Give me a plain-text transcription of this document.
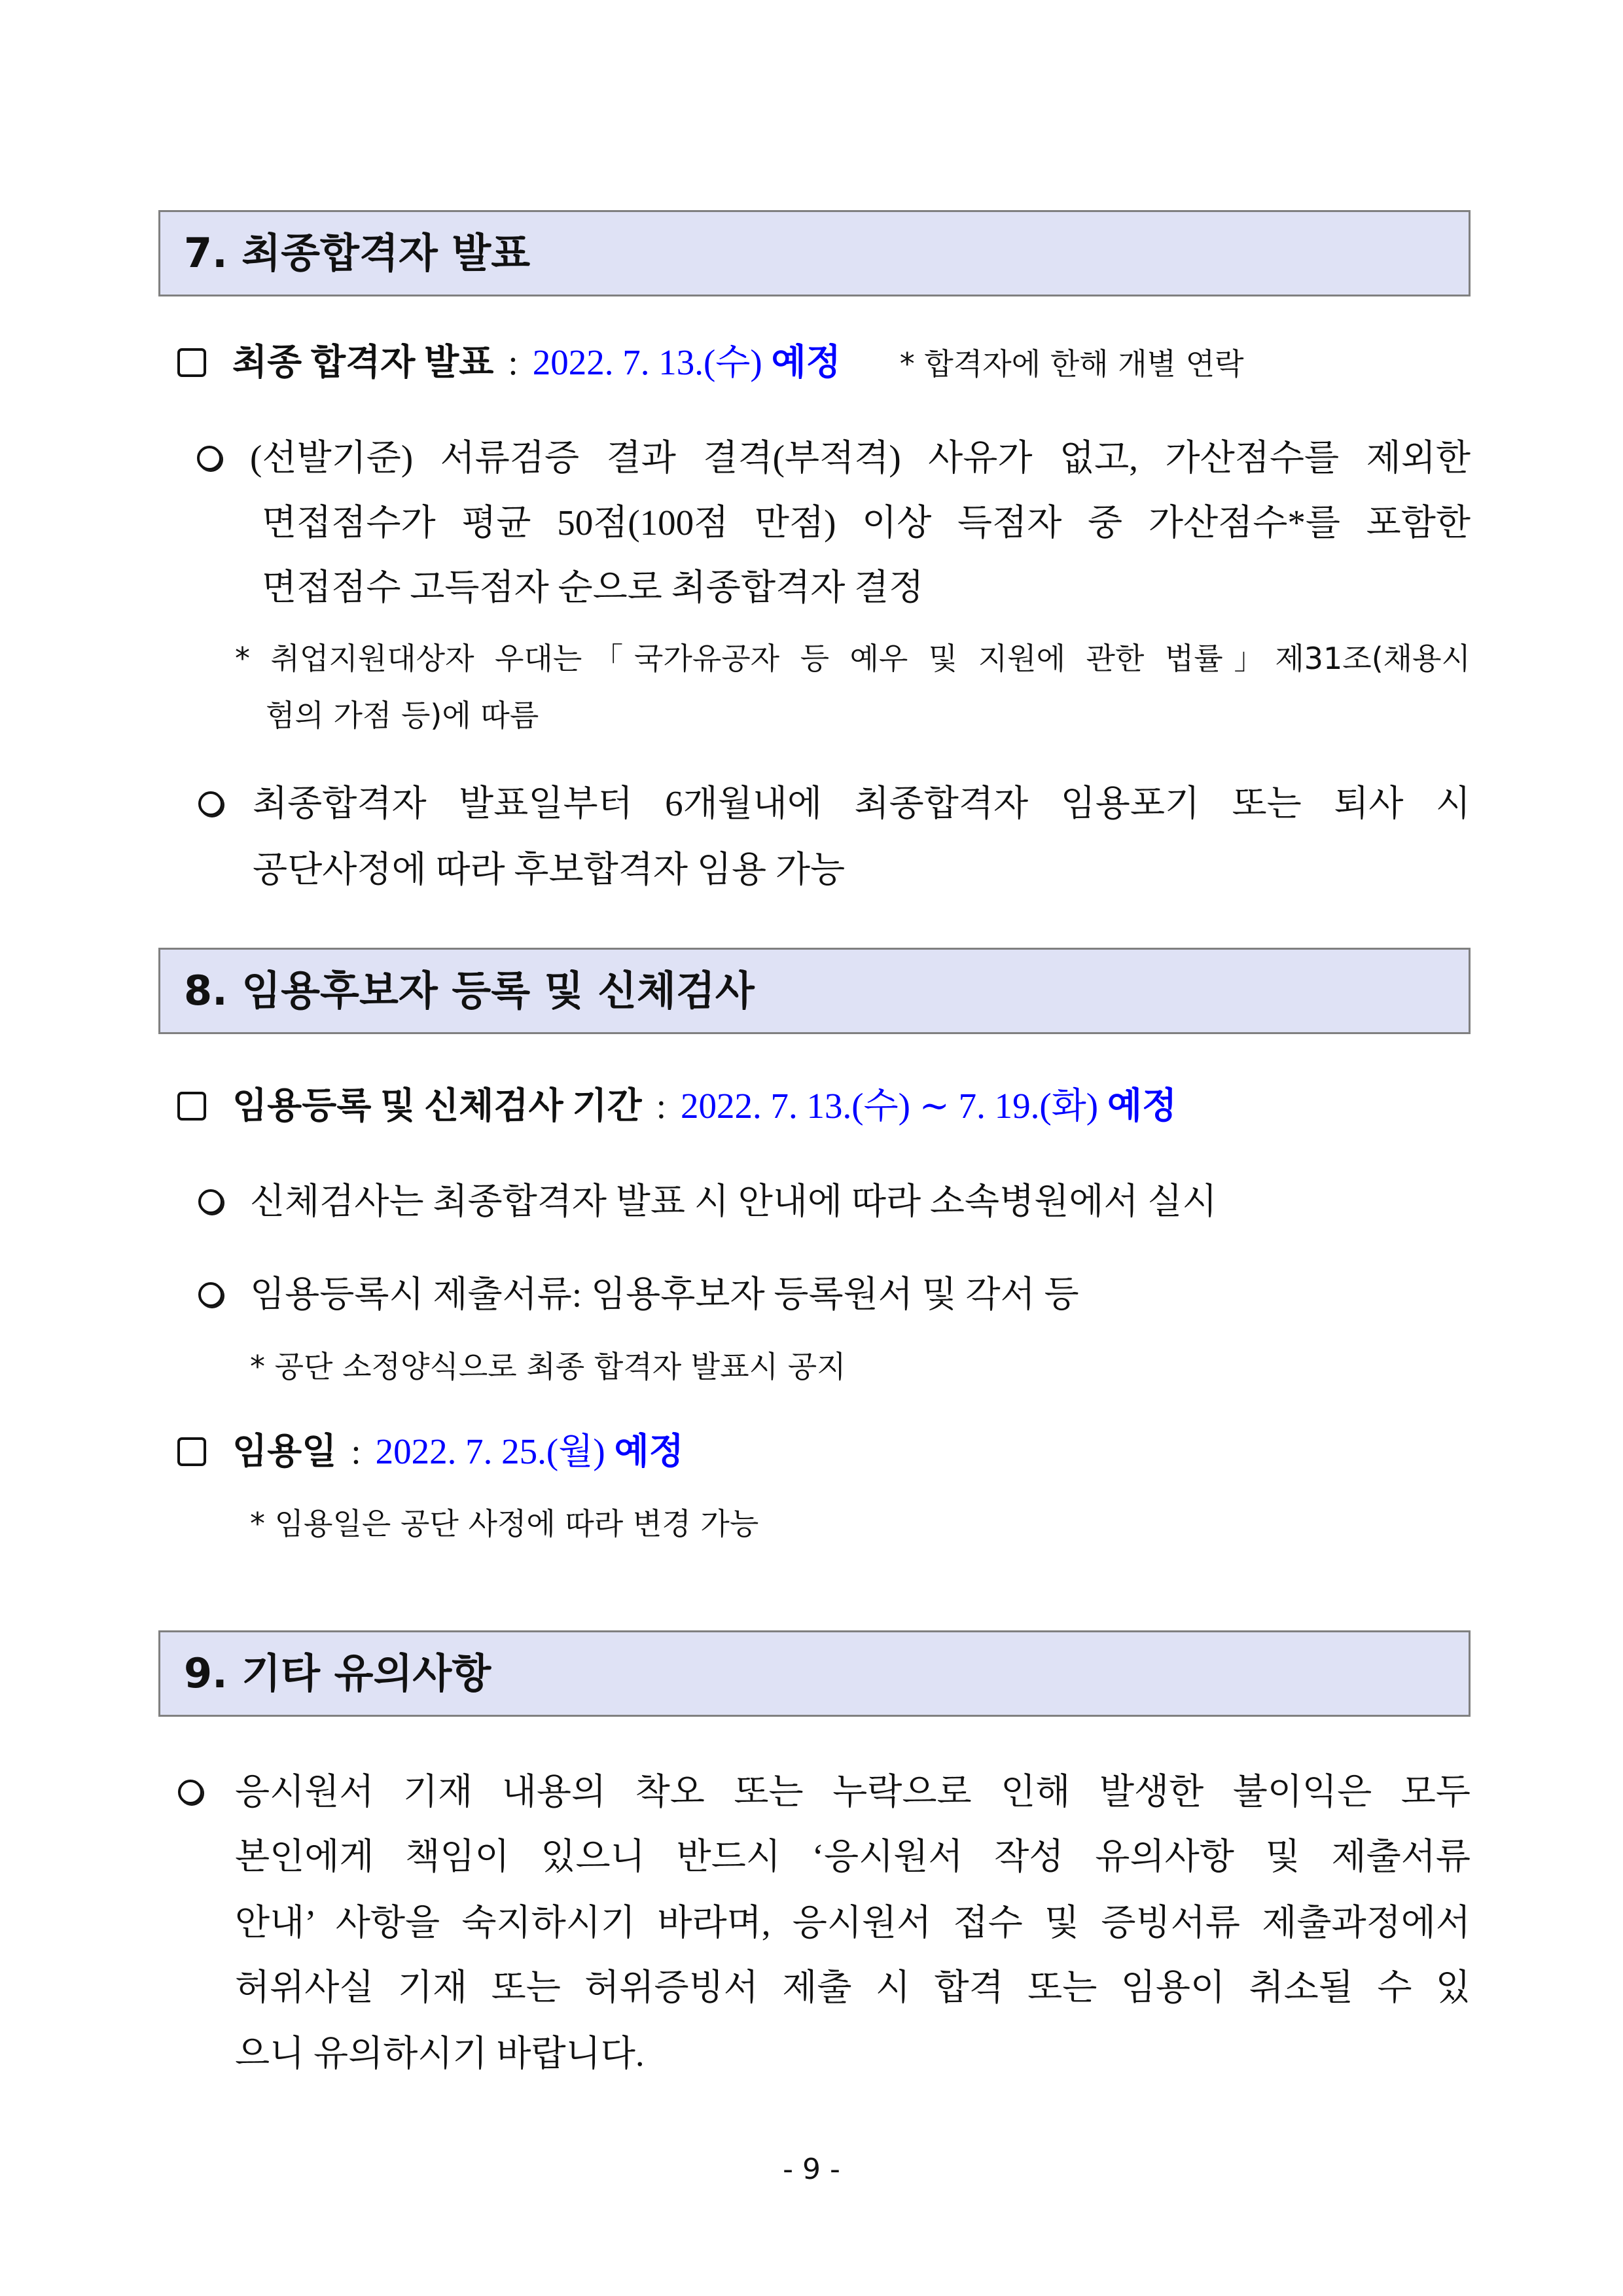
7. 최종합격자 발표
최종 합격자 발표 : 2022. 7. 13.(수) 예정 * 합격자에 한해 개별 연락
(선발기준) 서류검증 결과 결격(부적격) 사유가 없고, 가산점수를 제외한
면접점수가 평균 50점(100점 만점) 이상 득점자 중 가산점수*를 포함한
면접점수 고득점자 순으로 최종합격자 결정
* 취업지원대상자 우대는「국가유공자 등 예우 및 지원에 관한 법률」제31조(채용시
험의 가점 등)에 따름
최종합격자 발표일부터 6개월내에 최종합격자 임용포기 또는 퇴사 시
공단사정에 따라 후보합격자 임용 가능
8. 임용후보자 등록 및 신체검사
임용등록 및 신체검사 기간 : 2022. 7. 13.(수) ∼ 7. 19.(화) 예정
신체검사는 최종합격자 발표 시 안내에 따라 소속병원에서 실시
임용등록시 제출서류: 임용후보자 등록원서 및 각서 등
* 공단 소정양식으로 최종 합격자 발표시 공지
임용일 : 2022. 7. 25.(월) 예정
* 임용일은 공단 사정에 따라 변경 가능
9. 기타 유의사항
응시원서 기재 내용의 착오 또는 누락으로 인해 발생한 불이익은 모두
본인에게 책임이 있으니 반드시 ‘응시원서 작성 유의사항 및 제출서류
안내’ 사항을 숙지하시기 바라며, 응시원서 접수 및 증빙서류 제출과정에서
허위사실 기재 또는 허위증빙서 제출 시 합격 또는 임용이 취소될 수 있
으니 유의하시기 바랍니다.
- 9 -
